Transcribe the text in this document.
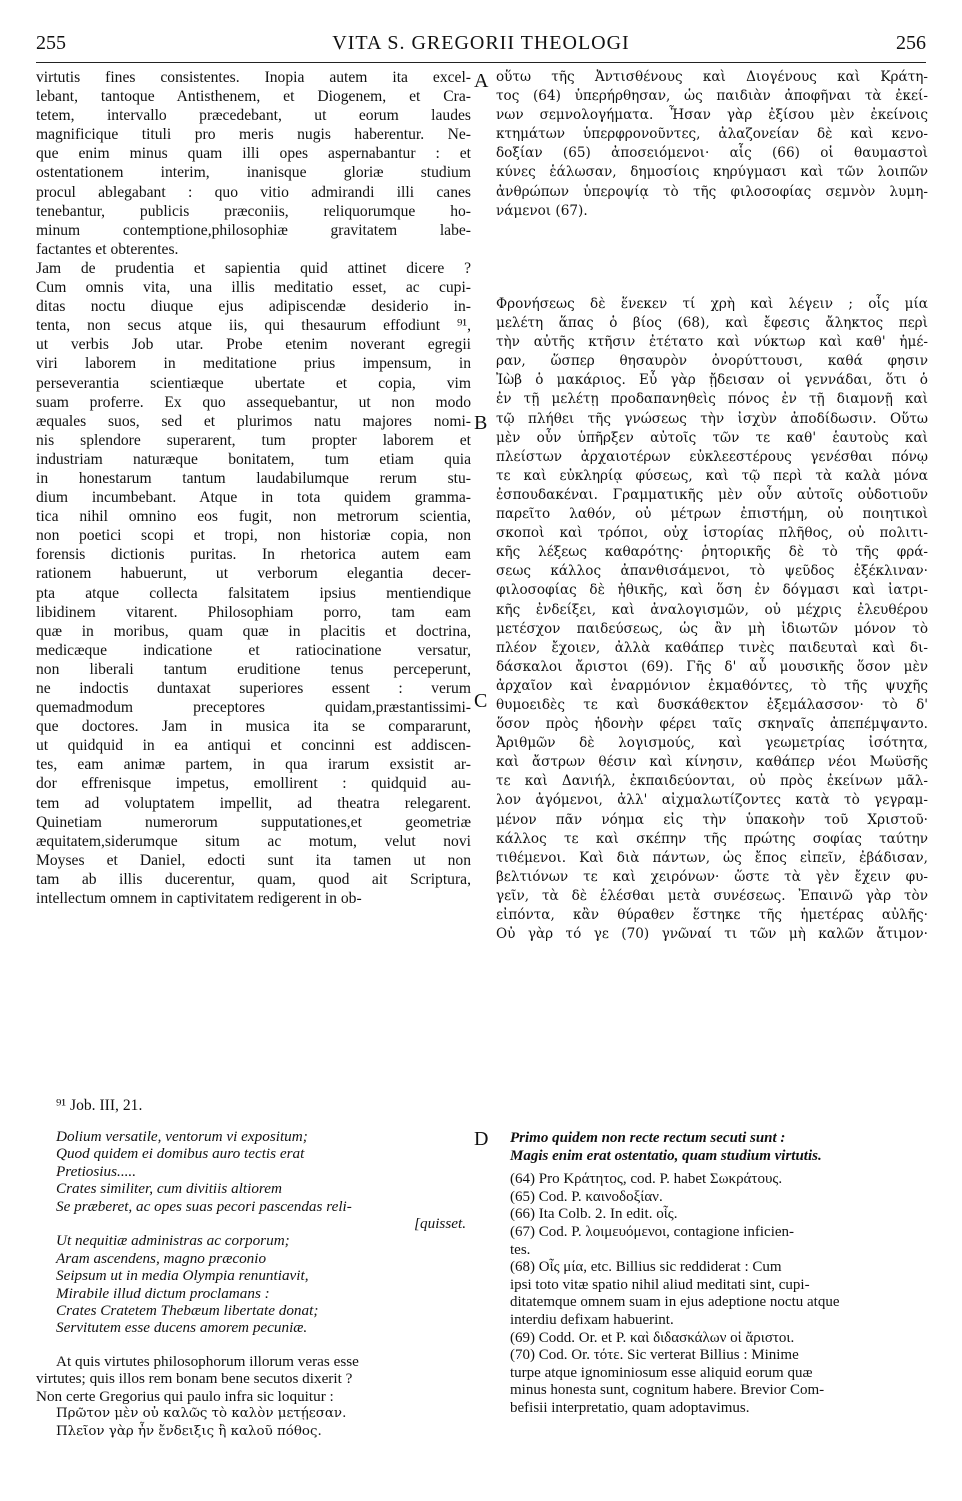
255	VITA S. GREGORII THEOLOGI	256

virtutis fines consistentes. Inopia autem ita excel-

lebant, tantoque Antisthenem, et Diogenem, et Cra-

tetem, intervallo præcedebant, ut eorum laudes

magnificique tituli pro meris nugis haberentur. Ne-

que enim minus quam illi opes aspernabantur : et

ostentationem interim, inanisque gloriæ studium

procul ablegabant : quo vitio admirandi illi canes

tenebantur, publicis præconiis, reliquorumque ho-

minum contemptione,philosophiæ gravitatem labe-

factantes et obterentes.

Jam de prudentia et sapientia quid attinet dicere ?

Cum omnis vita, una illis meditatio esset, ac cupi-

ditas noctu diuque ejus adipiscendæ desiderio in-

tenta, non secus atque iis, qui thesaurum effodiunt ⁹¹,

ut verbis Job utar. Probe etenim noverant egregii

viri laborem in meditatione prius impensum, in

perseverantia scientiæque ubertate et copia, vim

suam proferre. Ex quo assequebantur, ut non modo

æquales suos, sed et plurimos natu majores nomi-

nis splendore superarent, tum propter laborem et

industriam naturæque bonitatem, tum etiam quia

in honestarum tantum laudabilumque rerum stu-

dium incumbebant. Atque in tota quidem gramma-

tica nihil omnino eos fugit, non metrorum scientia,

non poetici scopi et tropi, non historiæ copia, non

forensis dictionis puritas. In rhetorica autem eam

rationem habuerunt, ut verborum elegantia decer-

pta atque collecta falsitatem ipsius mentiendique

libidinem vitarent. Philosophiam porro, tam eam

quæ in moribus, quam quæ in placitis et doctrina,

medicæque indicatione et ratiocinatione versatur,

non liberali tantum eruditione tenus perceperunt,

ne indoctis duntaxat superiores essent : verum

quemadmodum preceptores quidam,præstantissimi-

que doctores. Jam in musica ita se compararunt,

ut quidquid in ea antiqui et concinni est addiscen-

tes, eam animæ partem, in qua irarum exsistit ar-

dor effrenisque impetus, emollirent : quidquid au-

tem ad voluptatem impellit, ad theatra relegarent.

Quinetiam numerorum supputationes,et geometriæ

æquitatem,siderumque situm ac motum, velut novi

Moyses et Daniel, edocti sunt ita tamen ut non

tam ab illis ducerentur, quam, quod ait Scriptura,

intellectum omnem in captivitatem redigerent in ob-

οὕτω τῆς Ἀντισθένους καὶ Διογένους καὶ Κράτη-

τος (64) ὑπερήρθησαν, ὡς παιδιὰν ἀποφῆναι τὰ ἐκεί-

νων σεμνολογήματα. Ἦσαν γὰρ ἐξίσου μὲν ἐκείνοις

κτημάτων ὑπερφρονοῦντες, ἀλαζονείαν δὲ καὶ κενο-

δοξίαν (65) ἀποσειόμενοι· αἷς (66) οἱ θαυμαστοὶ

κύνες ἑάλωσαν, δημοσίοις κηρύγμασι καὶ τῶν λοιπῶν

ἀνθρώπων ὑπεροψίᾳ τὸ τῆς φιλοσοφίας σεμνὸν λυμη-

νάμενοι (67).

Φρονήσεως δὲ ἕνεκεν τί χρὴ καὶ λέγειν ; οἷς μία

μελέτη ἅπας ὁ βίος (68), καὶ ἔφεσις ἄληκτος περὶ

τὴν αὐτῆς κτῆσιν ἐτέτατο καὶ νύκτωρ καὶ καθ' ἡμέ-

ραν, ὥσπερ θησαυρὸν ὀνορύττουσι, καθά φησιν

Ἰὼβ ὁ μακάριος. Εὖ γὰρ ᾔδεισαν οἱ γεννάδαι, ὅτι ὁ

ἐν τῇ μελέτῃ προδαπανηθεὶς πόνος ἐν τῇ διαμονῇ καὶ

τῷ πλήθει τῆς γνώσεως τὴν ἰσχὺν ἀποδίδωσιν. Οὕτω

μὲν οὖν ὑπῆρξεν αὐτοῖς τῶν τε καθ' ἑαυτοὺς καὶ

πλείστων ἀρχαιοτέρων εὐκλεεστέρους γενέσθαι πόνῳ

τε καὶ εὐκληρίᾳ φύσεως, καὶ τῷ περὶ τὰ καλὰ μόνα

ἐσπουδακέναι. Γραμματικῆς μὲν οὖν αὐτοῖς οὐδοτιοῦν

παρεῖτο λαθόν, οὐ μέτρων ἐπιστήμη, οὐ ποιητικοὶ

σκοποὶ καὶ τρόποι, οὐχ ἱστορίας πλῆθος, οὐ πολιτι-

κῆς λέξεως καθαρότης· ῥητορικῆς δὲ τὸ τῆς φρά-

σεως κάλλος ἀπανθισάμενοι, τὸ ψεῦδος ἐξέκλιναν·

φιλοσοφίας δὲ ἠθικῆς, καὶ ὅση ἐν δόγμασι καὶ ἰατρι-

κῆς ἐνδείξει, καὶ ἀναλογισμῶν, οὐ μέχρις ἐλευθέρου

μετέσχον παιδεύσεως, ὡς ἂν μὴ ἰδιωτῶν μόνον τὸ

πλέον ἔχοιεν, ἀλλὰ καθάπερ τινὲς παιδευταὶ καὶ δι-

δάσκαλοι ἄριστοι (69). Γῆς δ' αὖ μουσικῆς ὅσον μὲν

ἀρχαῖον καὶ ἐναρμόνιον ἐκμαθόντες, τὸ τῆς ψυχῆς

θυμοειδὲς τε καὶ δυσκάθεκτον ἐξεμάλασσον· τὸ δ'

ὅσον πρὸς ἡδονὴν φέρει ταῖς σκηναῖς ἀπεπέμψαντο.

Ἀριθμῶν δὲ λογισμούς, καὶ γεωμετρίας ἰσότητα,

καὶ ἄστρων θέσιν καὶ κίνησιν, καθάπερ νέοι Μωϋσῆς

τε καὶ Δανιήλ, ἐκπαιδεύονται, οὐ πρὸς ἐκείνων μᾶλ-

λον ἀγόμενοι, ἀλλ' αἰχμαλωτίζοντες κατὰ τὸ γεγραμ-

μένον πᾶν νόημα εἰς τὴν ὑπακοὴν τοῦ Χριστοῦ·

κάλλος τε καὶ σκέπην τῆς πρώτης σοφίας ταύτην

τιθέμενοι. Καὶ διὰ πάντων, ὡς ἔπος εἰπεῖν, ἐβάδισαν,

βελτιόνων τε καὶ χειρόνων· ὥστε τὰ γὲν ἔχειν φυ-

γεῖν, τὰ δὲ ἑλέσθαι μετὰ συνέσεως. Ἐπαινῶ γὰρ τὸν

εἰπόντα, κἂν θύραθεν ἕστηκε τῆς ἡμετέρας αὐλῆς·

Οὐ γὰρ τό γε (70) γνῶναί τι τῶν μὴ καλῶν ἄτιμον·

A
B
C
D
⁹¹ Job. III, 21.

Dolium versatile, ventorum vi expositum;

Quod quidem ei domibus auro tectis erat

Pretiosius.....

Crates similiter, cum divitiis altiorem

Se præberet, ac opes suas pecori pascendas reli-

[quisset.

Ut nequitiæ administras ac corporum;

Aram ascendens, magno præconio

Seipsum ut in media Olympia renuntiavit,

Mirabile illud dictum proclamans :

Crates Cratetem Thebæum libertate donat;

Servitutem esse ducens amorem pecuniæ.

At quis virtutes philosophorum illorum veras esse

virtutes; quis illos rem bonam bene secutos dixerit ?

Non certe Gregorius qui paulo infra sic loquitur :

Πρῶτον μὲν οὐ καλῶς τὸ καλὸν μετῄεσαν.

Πλεῖον γὰρ ἦν ἔνδειξις ἢ καλοῦ πόθος.

Primo quidem non recte rectum secuti sunt :

Magis enim erat ostentatio, quam studium virtutis.

(64) Pro Κράτητος, cod. P. habet Σωκράτους.

(65) Cod. P. καινοδοξίαν.

(66) Ita Colb. 2. In edit. οἷς.

(67) Cod. P. λοιμευόμενοι, contagione inficien-

tes.

(68) Οἷς μία, etc. Billius sic reddiderat : Cum

ipsi toto vitæ spatio nihil aliud meditati sint, cupi-

ditatemque omnem suam in ejus adeptione noctu atque

interdiu defixam habuerint.

(69) Codd. Or. et P. καὶ διδασκάλων οἱ ἄριστοι.

(70) Cod. Or. τότε. Sic verterat Billius : Minime

turpe atque ignominiosum esse aliquid eorum quæ

minus honesta sunt, cognitum habere. Brevior Com-

befisii interpretatio, quam adoptavimus.
